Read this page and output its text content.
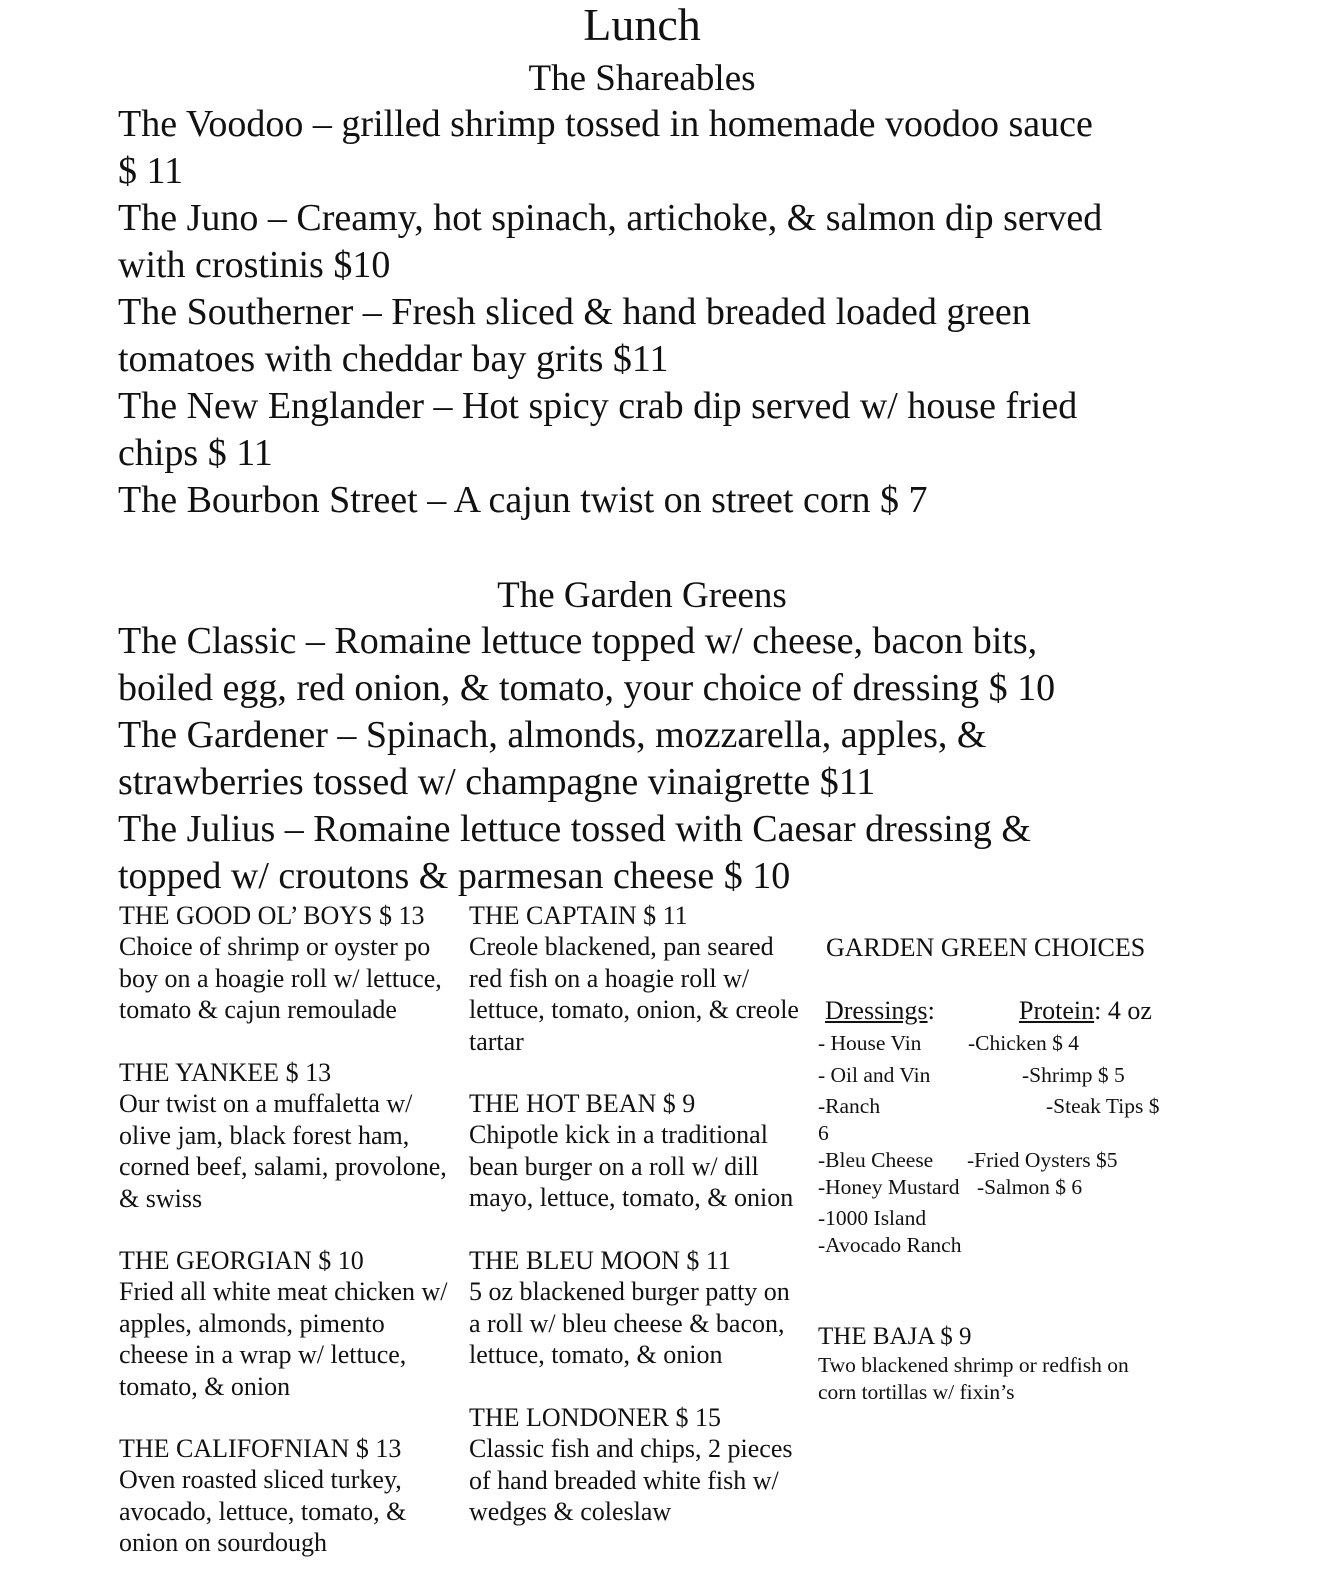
Lunch
The Shareables
The Voodoo – grilled shrimp tossed in homemade voodoo sauce
$ 11
The Juno – Creamy, hot spinach, artichoke, & salmon dip served
with crostinis $10
The Southerner – Fresh sliced & hand breaded loaded green
tomatoes with cheddar bay grits $11
The New Englander – Hot spicy crab dip served w/ house fried
chips $ 11
The Bourbon Street – A cajun twist on street corn $ 7
The Garden Greens
The Classic – Romaine lettuce topped w/ cheese, bacon bits,
boiled egg, red onion, & tomato, your choice of dressing $ 10
The Gardener – Spinach, almonds, mozzarella, apples, &
strawberries tossed w/ champagne vinaigrette $11
The Julius – Romaine lettuce tossed with Caesar dressing &
topped w/ croutons & parmesan cheese $ 10
THE GOOD OL’ BOYS $ 13
Choice of shrimp or oyster po
boy on a hoagie roll w/ lettuce,
tomato & cajun remoulade
THE YANKEE $ 13
Our twist on a muffaletta w/
olive jam, black forest ham,
corned beef, salami, provolone,
& swiss
THE GEORGIAN $ 10
Fried all white meat chicken w/
apples, almonds, pimento
cheese in a wrap w/ lettuce,
tomato, & onion
THE CALIFOFNIAN $ 13
Oven roasted sliced turkey,
avocado, lettuce, tomato, &
onion on sourdough
THE CAPTAIN $ 11
Creole blackened, pan seared
red fish on a hoagie roll w/
lettuce, tomato, onion, & creole
tartar
THE HOT BEAN $ 9
Chipotle kick in a traditional
bean burger on a roll w/ dill
mayo, lettuce, tomato, & onion
THE BLEU MOON $ 11
5 oz blackened burger patty on
a roll w/ bleu cheese & bacon,
lettuce, tomato, & onion
THE LONDONER $ 15
Classic fish and chips, 2 pieces
of hand breaded white fish w/
wedges & coleslaw
GARDEN GREEN CHOICES
Dressings:	Protein: 4 oz
- House Vin
- Oil and Vin
-Ranch
-Bleu Cheese
-Honey Mustard
-1000 Island
-Avocado Ranch
-Chicken $ 4
-Shrimp $ 5
-Steak Tips $
6
-Fried Oysters $5
-Salmon $ 6
THE BAJA $ 9
Two blackened shrimp or redfish on
corn tortillas w/ fixin’s
